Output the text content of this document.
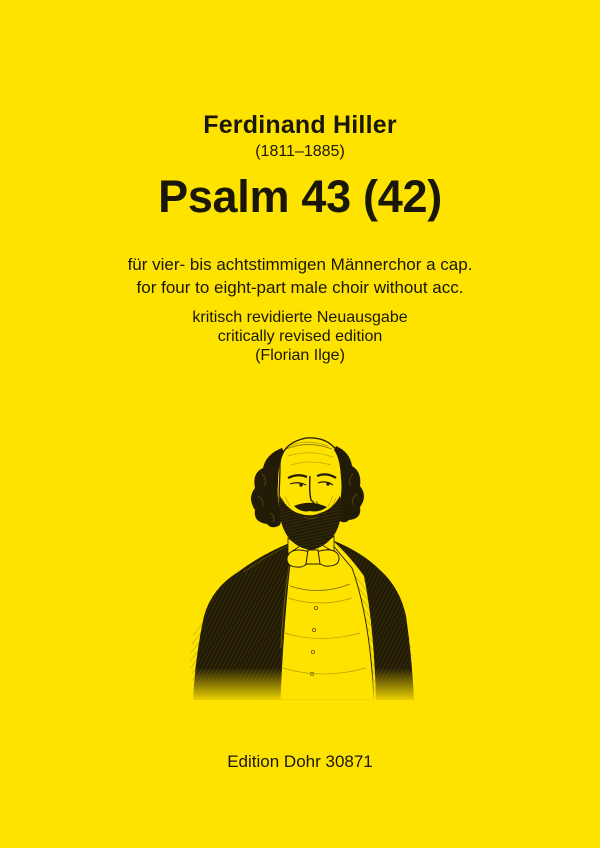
Ferdinand Hiller
(1811–1885)
Psalm 43 (42)
für vier- bis achtstimmigen Männerchor a cap.
for four to eight-part male choir without acc.
kritisch revidierte Neuausgabe
critically revised edition
(Florian Ilge)
Edition Dohr 30871
